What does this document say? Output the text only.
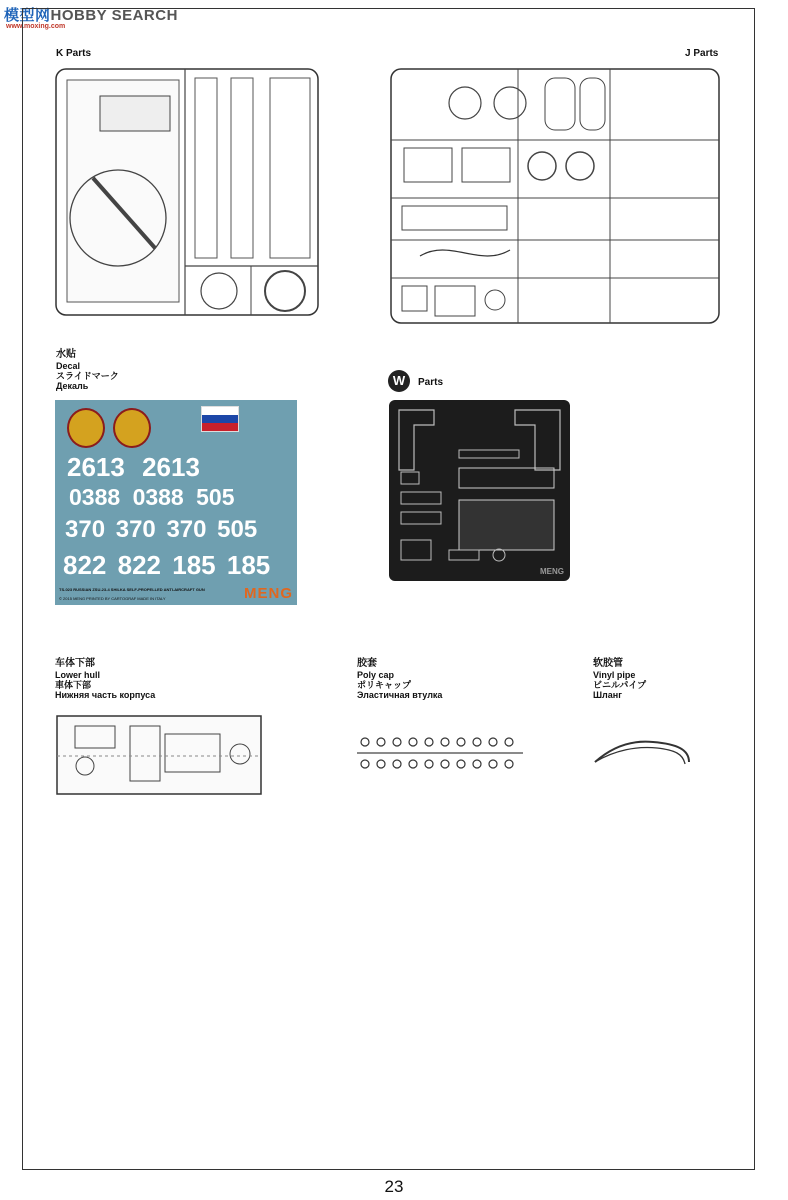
模型网HOBBY SEARCH
www.moxing.com
K Parts	J Parts
水贴
Decal
スライドマーク
Декаль
2613 2613
0388 0388 505
370 370 370 505
822 822 185 185
TS-023 RUSSIAN ZSU-23-4 SHILKA SELF-PROPELLED ANTI-AIRCRAFT GUN
© 2015 MENG PRINTED BY CARTOGRAF MADE IN ITALY	MENG
W	Parts
MENG
车体下部
Lower hull
車体下部
Нижняя часть корпуса
胶套
Poly cap
ポリキャップ
Эластичная втулка
软胶管
Vinyl pipe
ビニルパイプ
Шланг
23
